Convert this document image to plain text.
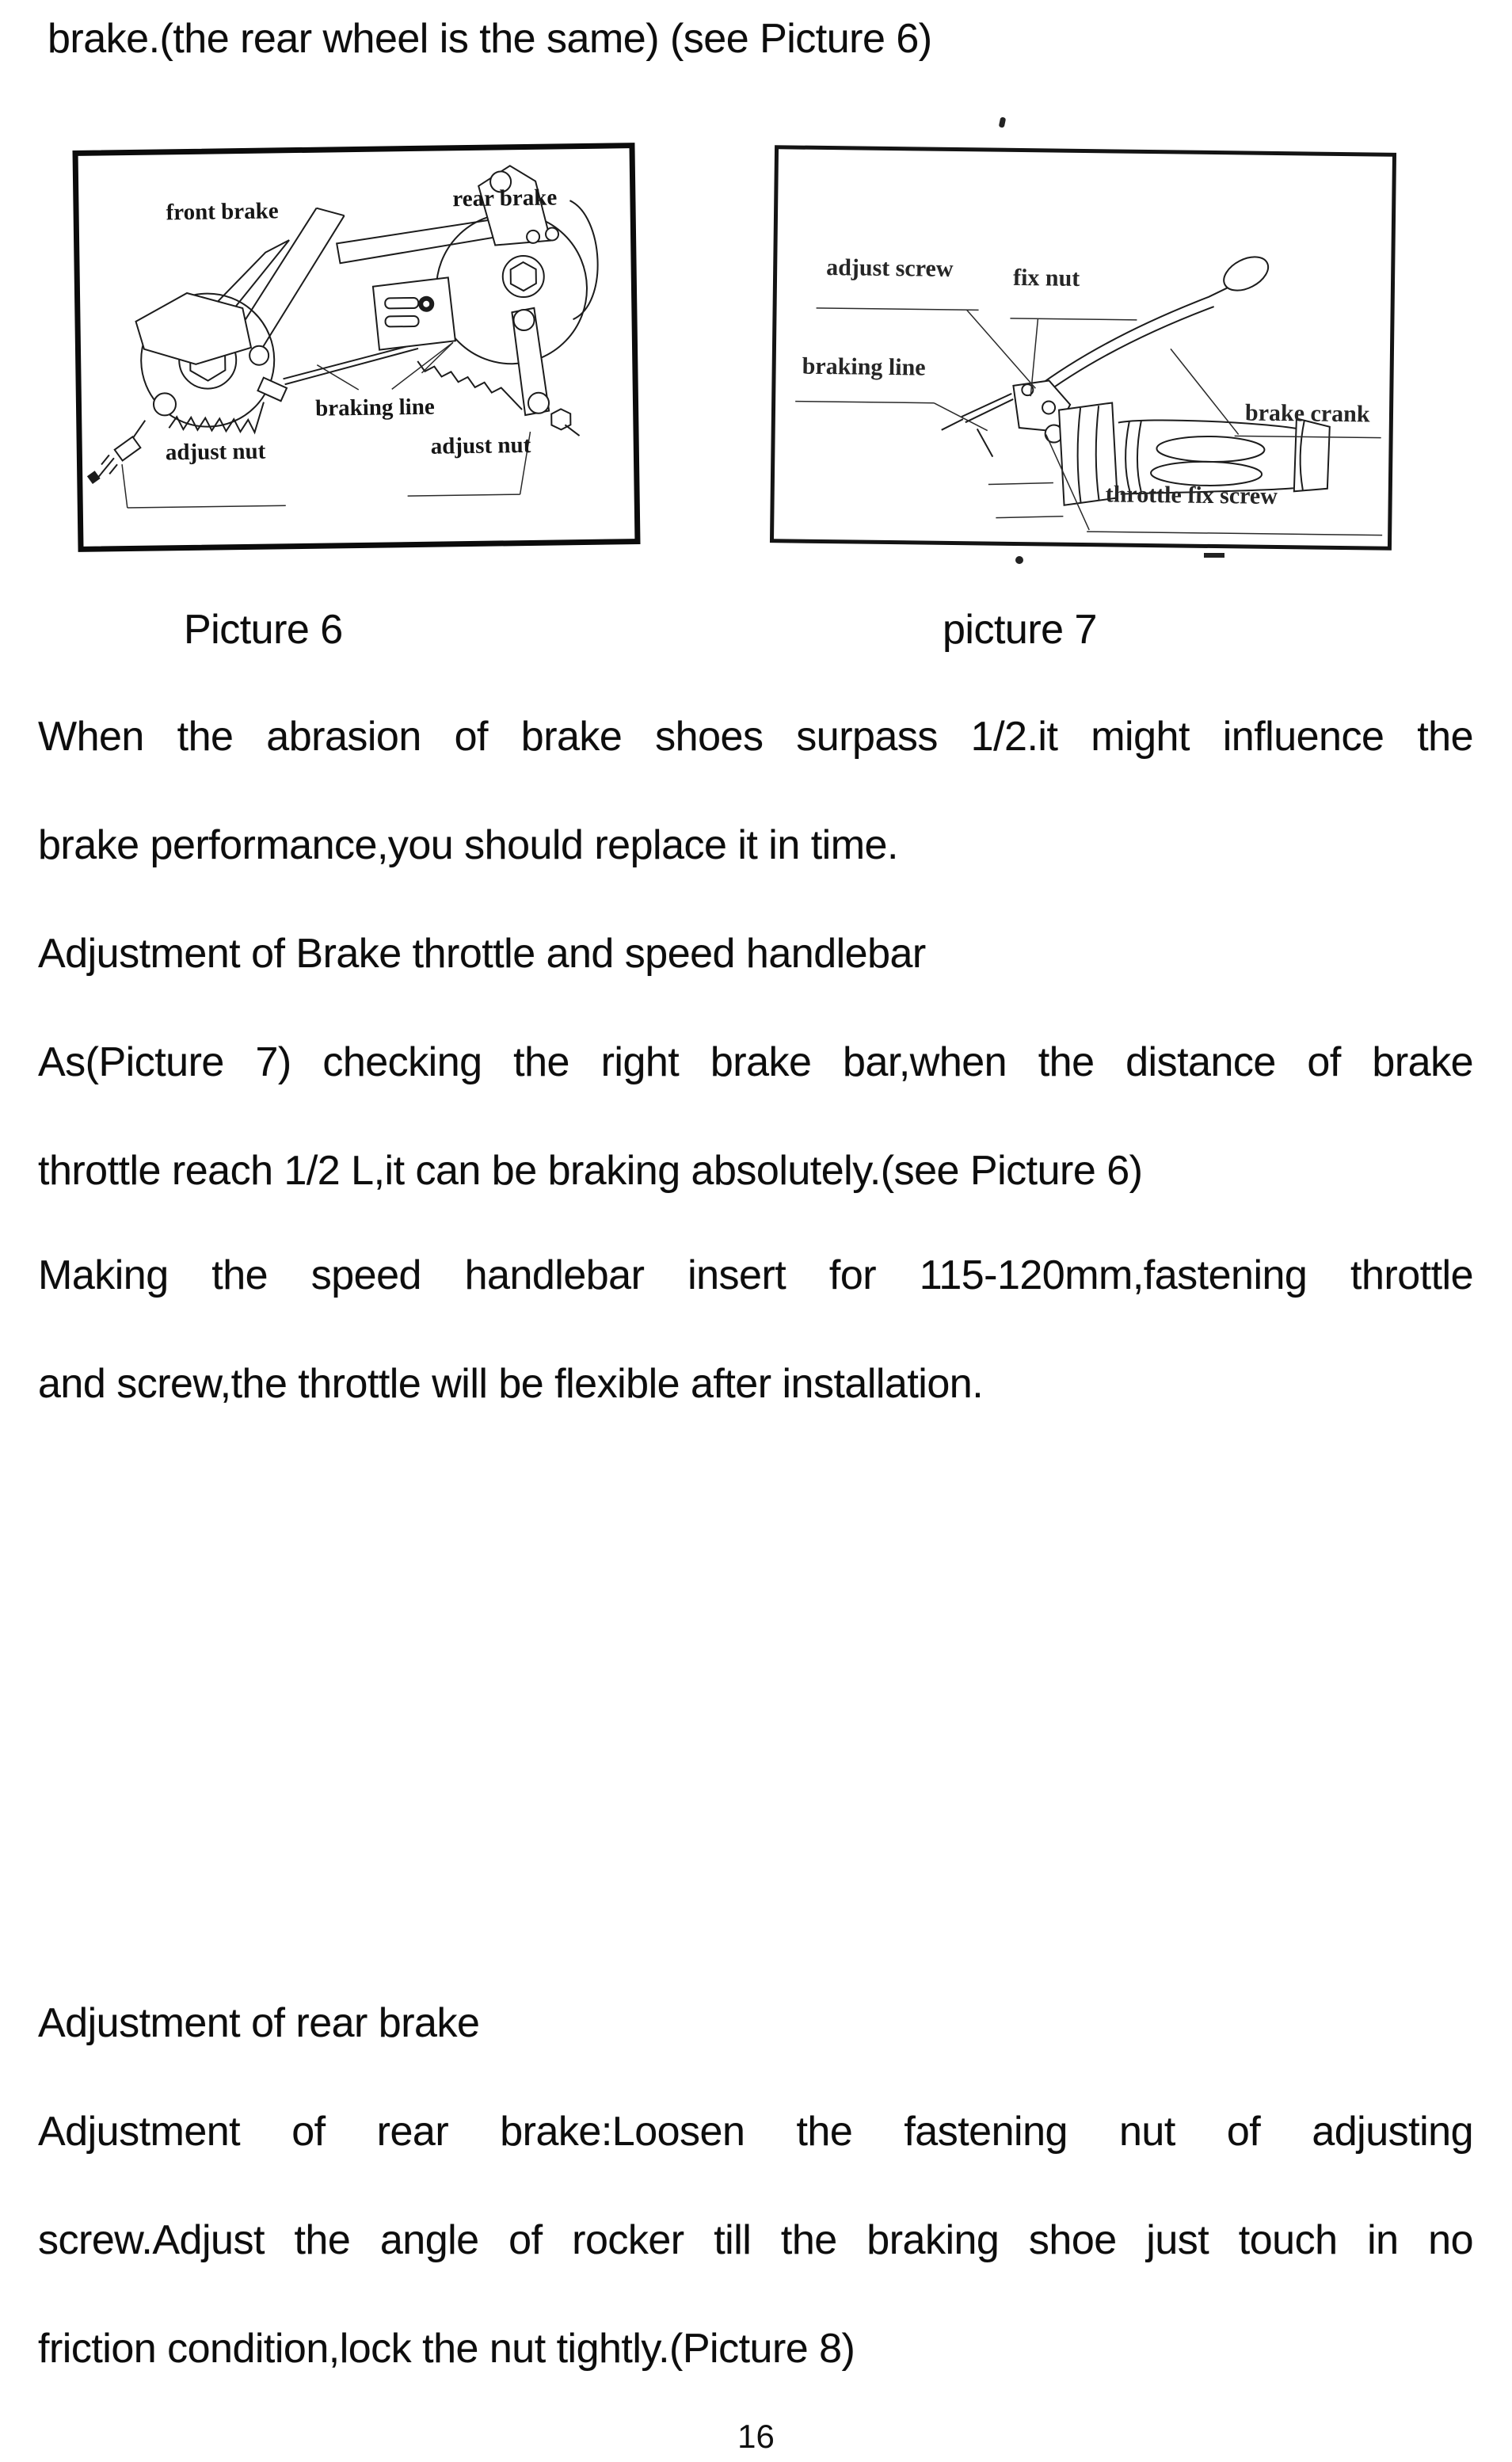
brake.(the rear wheel is the same) (see Picture 6)
front brake	rear brake
braking line
adjust nut	adjust nut
adjust screw	fix nut
braking line
brake crank
throttle fix screw
Picture 6	picture 7
When the abrasion of brake shoes surpass 1/2.it might influence the
brake performance,you should replace it in time.
Adjustment of Brake throttle and speed handlebar
As(Picture 7) checking the right brake bar,when the distance of brake
throttle reach 1/2 L,it can be braking absolutely.(see Picture 6)
Making the speed handlebar insert for 115-120mm,fastening throttle
and screw,the throttle will be flexible after installation.
Adjustment of rear brake
Adjustment of rear brake:Loosen the fastening nut of adjusting
screw.Adjust the angle of rocker till the braking shoe just touch in no
friction condition,lock the nut tightly.(Picture 8)
16
